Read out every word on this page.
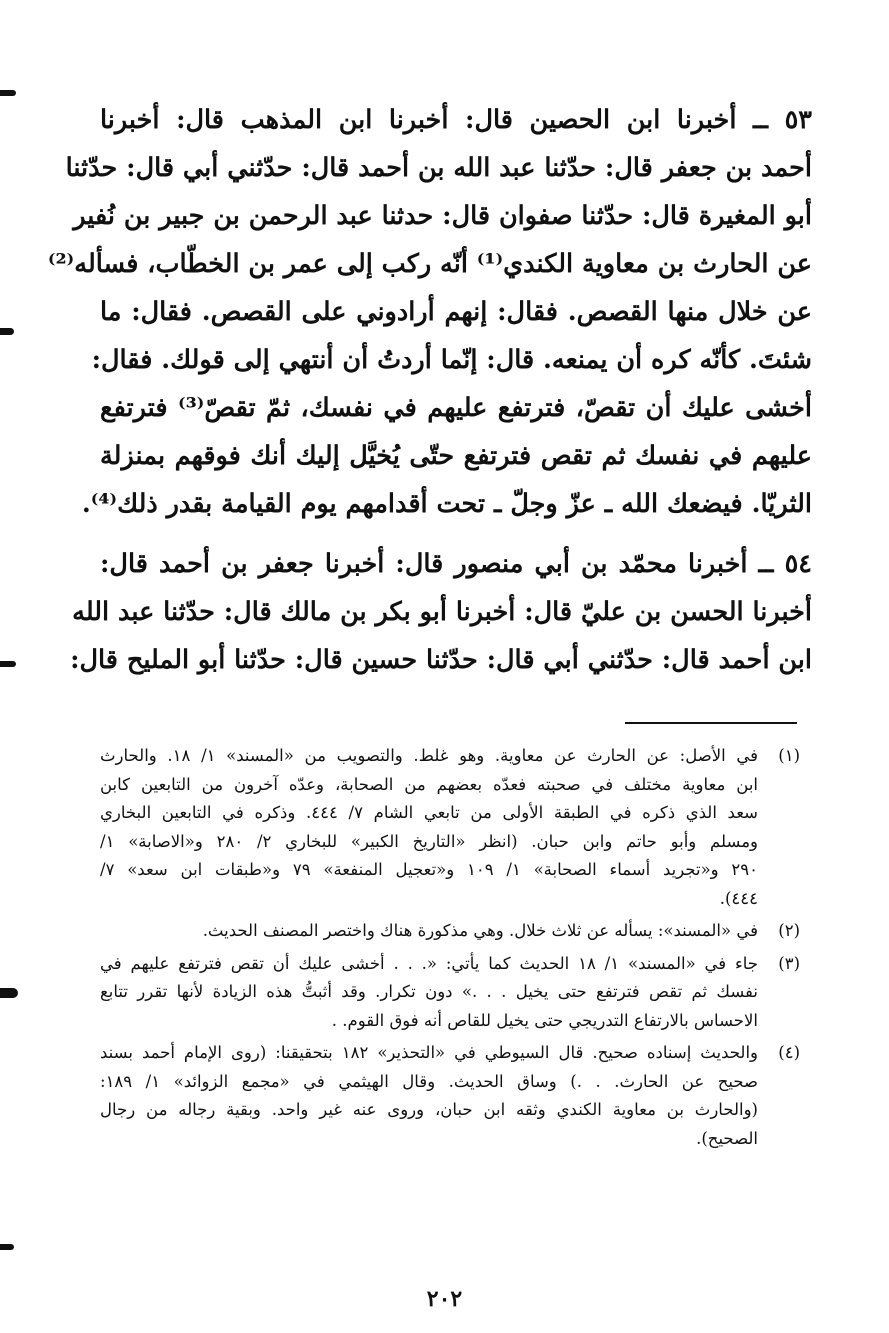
٥٣ ــ أخبرنا ابن الحصين قال: أخبرنا ابن المذهب قال: أخبرنا
أحمد بن جعفر قال: حدّثنا عبد الله بن أحمد قال: حدّثني أبي قال: حدّثنا
أبو المغيرة قال: حدّثنا صفوان قال: حدثنا عبد الرحمن بن جبير بن نُفير
عن الحارث بن معاوية الكندي⁽¹⁾ أنّه ركب إلى عمر بن الخطّاب، فسأله⁽²⁾
عن خلال منها القصص. فقال: إنهم أرادوني على القصص. فقال: ما
شئتَ. كأنّه كره أن يمنعه. قال: إنّما أردتُ أن أنتهي إلى قولك. فقال:
أخشى عليك أن تقصّ، فترتفع عليهم في نفسك، ثمّ تقصّ⁽³⁾ فترتفع
عليهم في نفسك ثم تقص فترتفع حتّى يُخيَّل إليك أنك فوقهم بمنزلة
الثريّا. فيضعك الله ـ عزّ وجلّ ـ تحت أقدامهم يوم القيامة بقدر ذلك⁽⁴⁾.
٥٤ ــ أخبرنا محمّد بن أبي منصور قال: أخبرنا جعفر بن أحمد قال:
أخبرنا الحسن بن عليّ قال: أخبرنا أبو بكر بن مالك قال: حدّثنا عبد الله
ابن أحمد قال: حدّثني أبي قال: حدّثنا حسين قال: حدّثنا أبو المليح قال:
(١)
في الأصل: عن الحارث عن معاوية. وهو غلط. والتصويب من «المسند» ١/ ١٨. والحارث
ابن معاوية مختلف في صحبته فعدّه بعضهم من الصحابة، وعدّه آخرون من التابعين كابن
سعد الذي ذكره في الطبقة الأولى من تابعي الشام ٧/ ٤٤٤. وذكره في التابعين البخاري
ومسلم وأبو حاتم وابن حبان. (انظر «التاريخ الكبير» للبخاري ٢/ ٢٨٠ و«الاصابة» ١/
٢٩٠ و«تجريد أسماء الصحابة» ١/ ١٠٩ و«تعجيل المنفعة» ٧٩ و«طبقات ابن سعد» ٧/
٤٤٤).
(٢)
في «المسند»: يسأله عن ثلاث خلال. وهي مذكورة هناك واختصر المصنف الحديث.
(٣)
جاء في «المسند» ١/ ١٨ الحديث كما يأتي: «. . . أخشى عليك أن تقص فترتفع عليهم في
نفسك ثم تقص فترتفع حتى يخيل . . .» دون تكرار. وقد أثبتُّ هذه الزيادة لأنها تقرر تتابع
الاحساس بالارتفاع التدريجي حتى يخيل للقاص أنه فوق القوم. .
(٤)
والحديث إسناده صحيح. قال السيوطي في «التحذير» ١٨٢ بتحقيقنا: (روى الإمام أحمد بسند
صحيح عن الحارث. . .) وساق الحديث. وقال الهيثمي في «مجمع الزوائد» ١/ ١٨٩:
(والحارث بن معاوية الكندي وثقه ابن حبان، وروى عنه غير واحد. وبقية رجاله من رجال
الصحيح).
٢٠٢
